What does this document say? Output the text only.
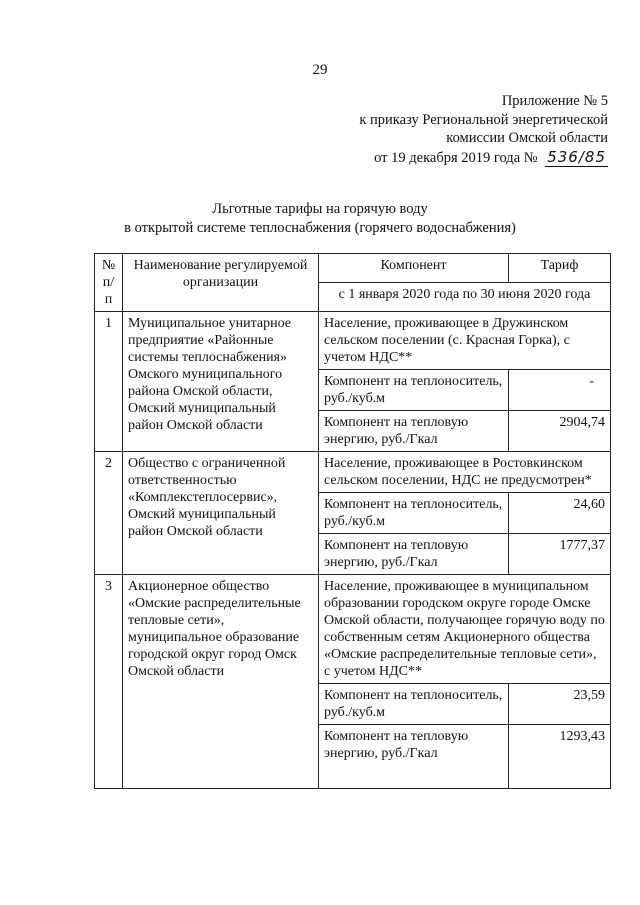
29
Приложение № 5
к приказу Региональной энергетической
комиссии Омской области
от 19 декабря 2019 года № 536/85
Льготные тарифы на горячую воду
в открытой системе теплоснабжения (горячего водоснабжения)
№ п/п	Наименование регулируемой организации	Компонент	Тариф
		с 1 января 2020 года по 30 июня 2020 года	
1	Муниципальное унитарное предприятие «Районные системы теплоснабжения» Омского муниципального района Омской области, Омский муниципальный район Омской области	Население, проживающее в Дружинском сельском поселении (с. Красная Горка), с учетом НДС**	
		Компонент на теплоноситель, руб./куб.м	-
		Компонент на тепловую энергию, руб./Гкал	2904,74
2	Общество с ограниченной ответственностью «Комплекстеплосервис», Омский муниципальный район Омской области	Население, проживающее в Ростовкинском сельском поселении, НДС не предусмотрен*	
		Компонент на теплоноситель, руб./куб.м	24,60
		Компонент на тепловую энергию, руб./Гкал	1777,37
3	Акционерное общество «Омские распределительные тепловые сети», муниципальное образование городской округ город Омск Омской области	Население, проживающее в муниципальном образовании городском округе городе Омске Омской области, получающее горячую воду по собственным сетям Акционерного общества «Омские распределительные тепловые сети», с учетом НДС**	
		Компонент на теплоноситель, руб./куб.м	23,59
		Компонент на тепловую энергию, руб./Гкал	1293,43
